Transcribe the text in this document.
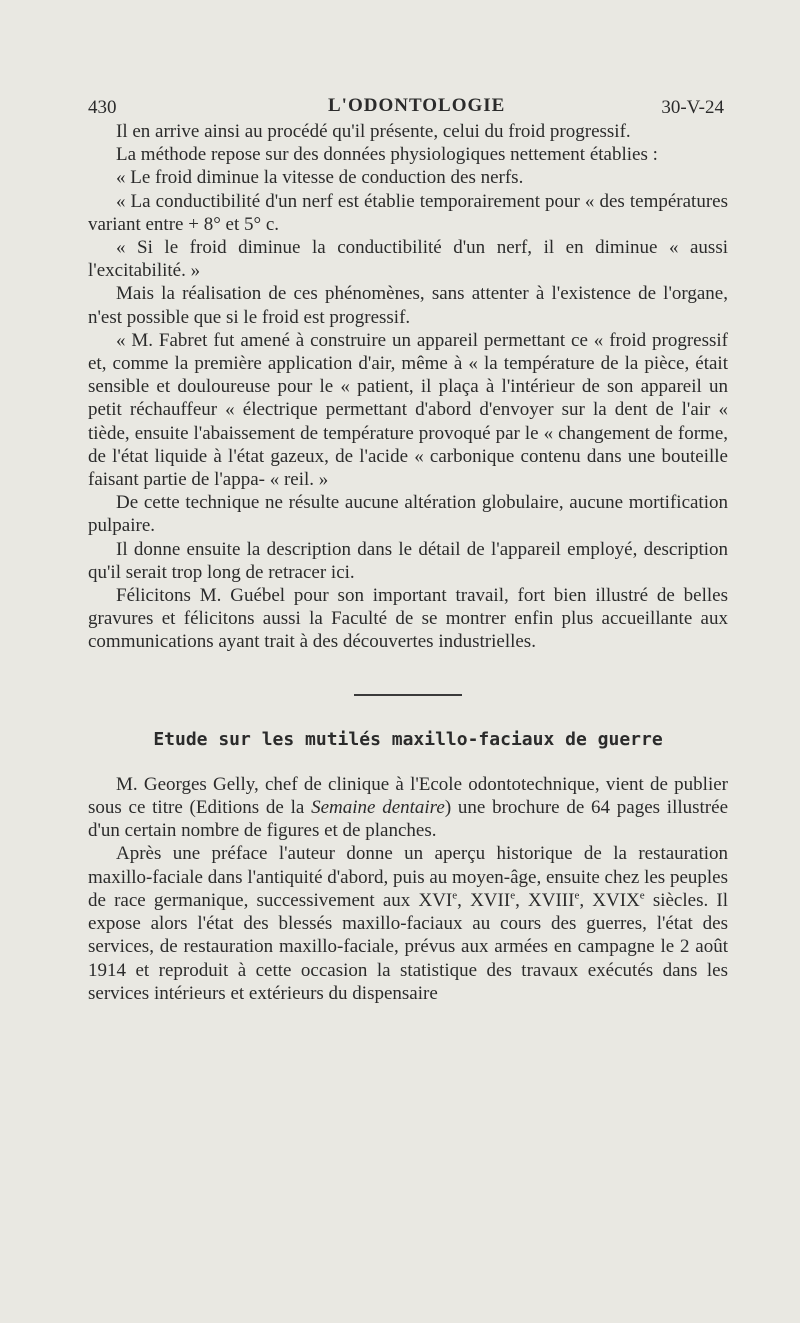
430	L'ODONTOLOGIE	30-V-24

Il en arrive ainsi au procédé qu'il présente, celui du froid progressif.

La méthode repose sur des données physiologiques nettement établies :

« Le froid diminue la vitesse de conduction des nerfs.

« La conductibilité d'un nerf est établie temporairement pour « des températures variant entre + 8° et 5° c.

« Si le froid diminue la conductibilité d'un nerf, il en diminue « aussi l'excitabilité. »

Mais la réalisation de ces phénomènes, sans attenter à l'existence de l'organe, n'est possible que si le froid est progressif.

« M. Fabret fut amené à construire un appareil permettant ce « froid progressif et, comme la première application d'air, même à « la température de la pièce, était sensible et douloureuse pour le « patient, il plaça à l'intérieur de son appareil un petit réchauffeur « électrique permettant d'abord d'envoyer sur la dent de l'air « tiède, ensuite l'abaissement de température provoqué par le « changement de forme, de l'état liquide à l'état gazeux, de l'acide « carbonique contenu dans une bouteille faisant partie de l'appa- « reil. »

De cette technique ne résulte aucune altération globulaire, aucune mortification pulpaire.

Il donne ensuite la description dans le détail de l'appareil employé, description qu'il serait trop long de retracer ici.

Félicitons M. Guébel pour son important travail, fort bien illustré de belles gravures et félicitons aussi la Faculté de se montrer enfin plus accueillante aux communications ayant trait à des découvertes industrielles.

Etude sur les mutilés maxillo-faciaux de guerre

M. Georges Gelly, chef de clinique à l'Ecole odontotechnique, vient de publier sous ce titre (Editions de la Semaine dentaire) une brochure de 64 pages illustrée d'un certain nombre de figures et de planches.

Après une préface l'auteur donne un aperçu historique de la restauration maxillo-faciale dans l'antiquité d'abord, puis au moyen-âge, ensuite chez les peuples de race germanique, successivement aux XVIe, XVIIe, XVIIIe, XVIXe siècles. Il expose alors l'état des blessés maxillo-faciaux au cours des guerres, l'état des services, de restauration maxillo-faciale, prévus aux armées en campagne le 2 août 1914 et reproduit à cette occasion la statistique des travaux exécutés dans les services intérieurs et extérieurs du dispensaire
